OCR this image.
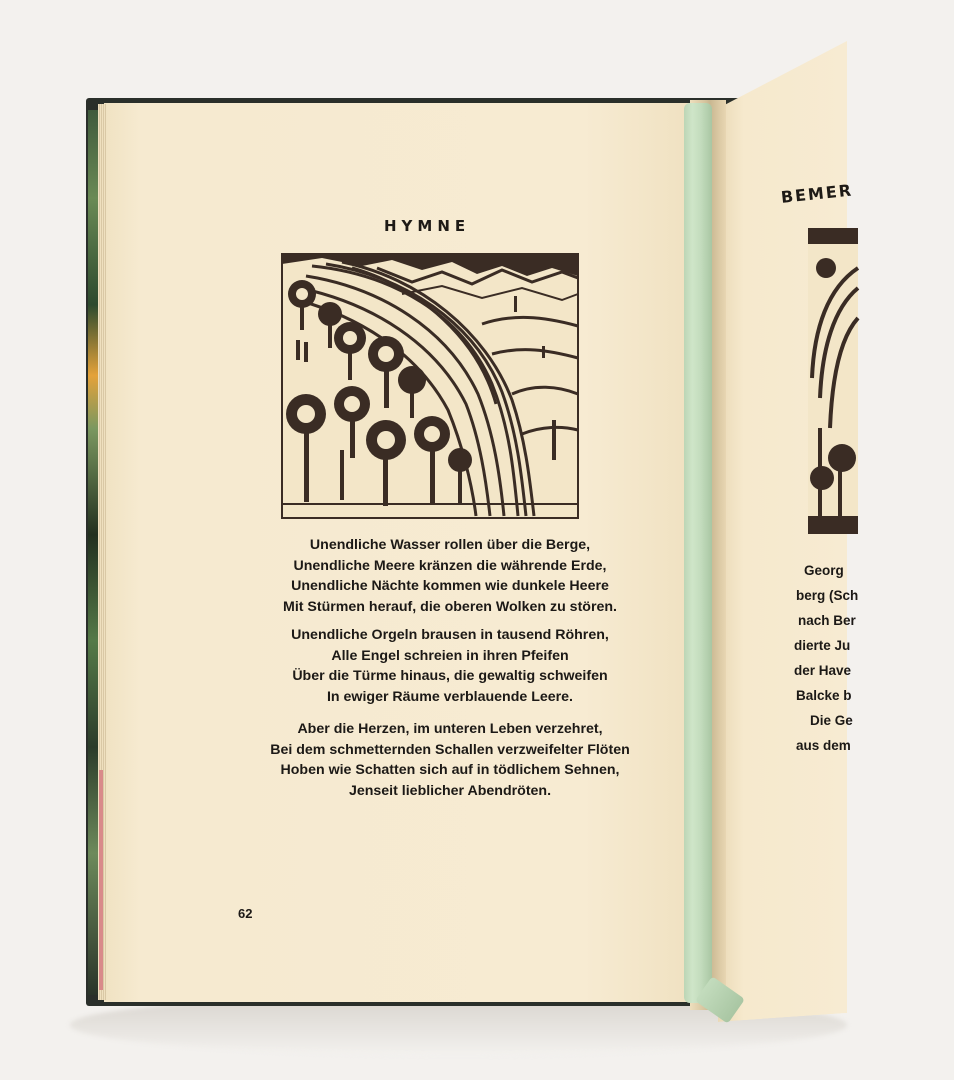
HYMNE
Unendliche Wasser rollen über die Berge,
Unendliche Meere kränzen die währende Erde,
Unendliche Nächte kommen wie dunkele Heere
Mit Stürmen herauf, die oberen Wolken zu stören.
Unendliche Orgeln brausen in tausend Röhren,
Alle Engel schreien in ihren Pfeifen
Über die Türme hinaus, die gewaltig schweifen
In ewiger Räume verblauende Leere.
Aber die Herzen, im unteren Leben verzehret,
Bei dem schmetternden Schallen verzweifelter Flöten
Hoben wie Schatten sich auf in tödlichem Sehnen,
Jenseit lieblicher Abendröten.
62
BEMER
Georg
berg (Sch
nach Ber
dierte Ju
der Have
Balcke b
Die Ge
aus dem
